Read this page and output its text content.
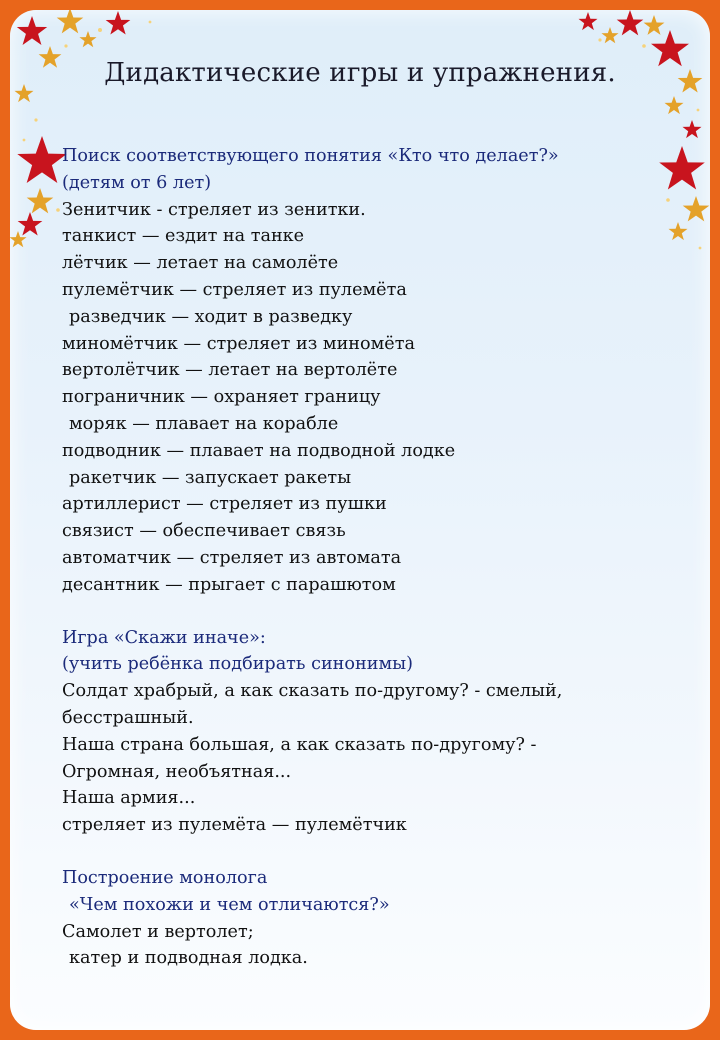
Дидактические игры и упражнения.
Поиск соответствующего понятия «Кто что делает?»
(детям от 6 лет)
Зенитчик - стреляет из зенитки.
танкист — ездит на танке
лётчик — летает на самолёте
пулемётчик — стреляет из пулемёта
разведчик — ходит в разведку
миномётчик — стреляет из миномёта
вертолётчик — летает на вертолёте
пограничник — охраняет границу
моряк — плавает на корабле
подводник — плавает на подводной лодке
ракетчик — запускает ракеты
артиллерист — стреляет из пушки
связист — обеспечивает связь
автоматчик — стреляет из автомата
десантник — прыгает с парашютом
Игра «Скажи иначе»:
(учить ребёнка подбирать синонимы)
Солдат храбрый, а как сказать по-другому? - смелый,
бесстрашный.
Наша страна большая, а как сказать по-другому? -
Огромная, необъятная...
Наша армия...
стреляет из пулемёта — пулемётчик
Построение монолога
«Чем похожи и чем отличаются?»
Самолет и вертолет;
катер и подводная лодка.
